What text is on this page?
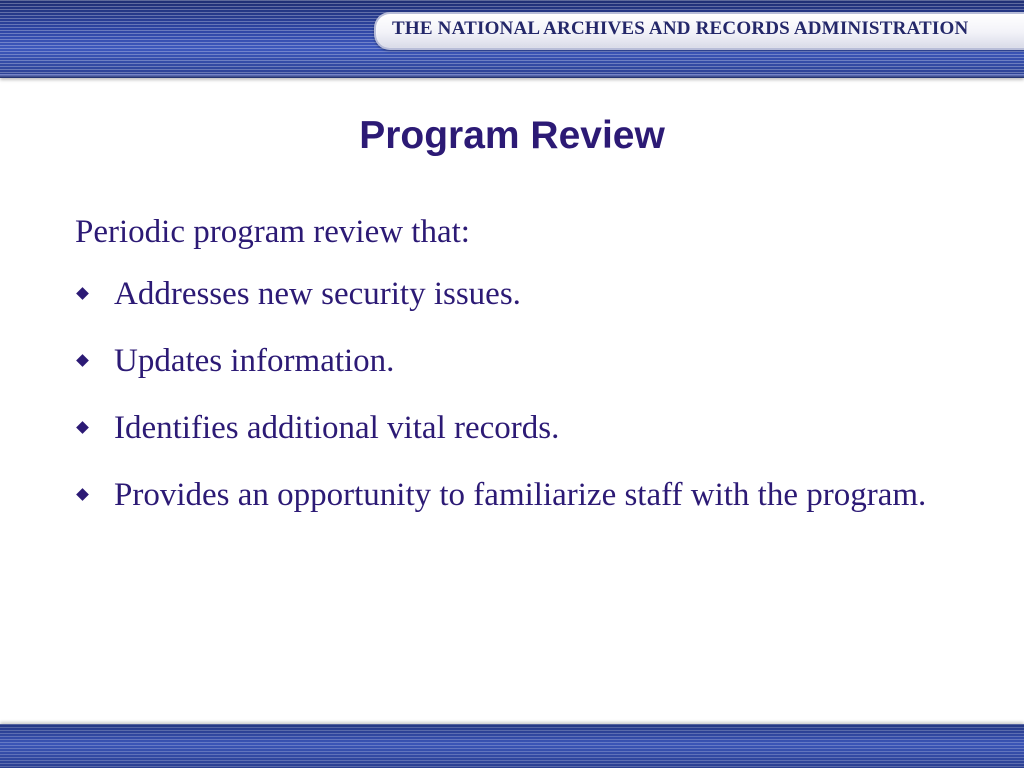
THE NATIONAL ARCHIVES AND RECORDS ADMINISTRATION
Program Review
Periodic program review that:
Addresses new security issues.
Updates information.
Identifies additional vital records.
Provides an opportunity to familiarize staff with the program.
